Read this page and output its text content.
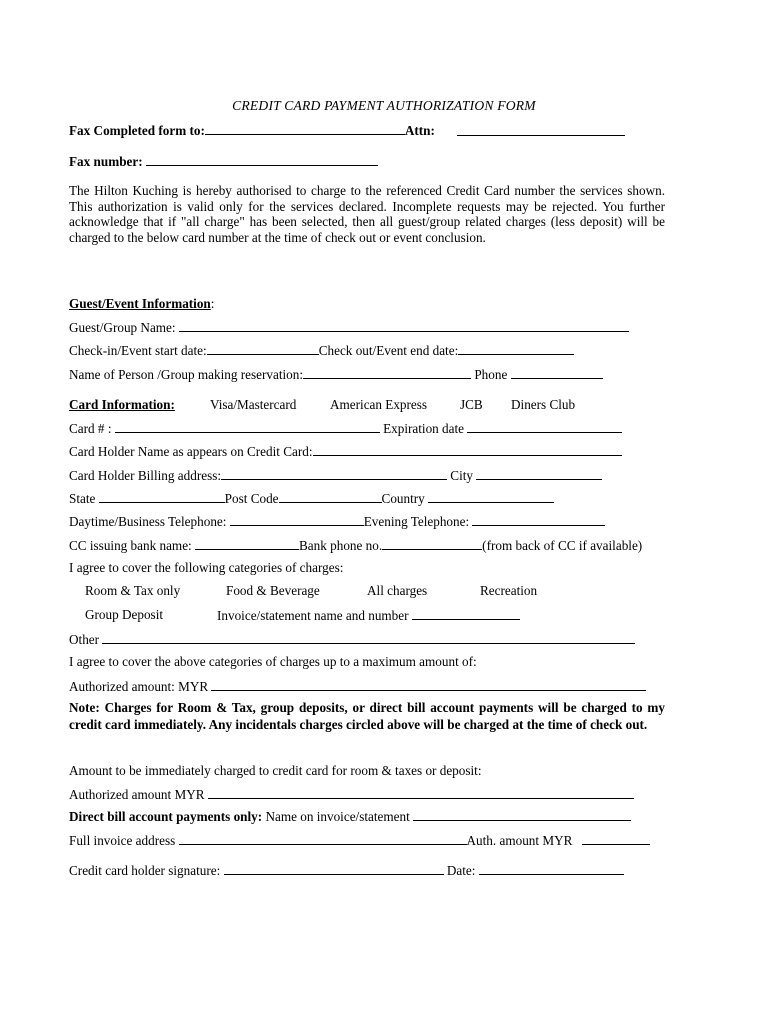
CREDIT CARD PAYMENT AUTHORIZATION FORM
Fax Completed form to:	Attn:
Fax number:
The Hilton Kuching is hereby authorised to charge to the referenced Credit Card number the services shown. This authorization is valid only for the services declared. Incomplete requests may be rejected. You further acknowledge that if "all charge" has been selected, then all guest/group related charges (less deposit) will be charged to the below card number at the time of check out or event conclusion.
Guest/Event Information:
Guest/Group Name:
Check-in/Event start date:	Check out/Event end date:
Name of Person /Group making reservation:	Phone
Card Information:	Visa/Mastercard	American Express JCB Diners Club
Card # :	Expiration date
Card Holder Name as appears on Credit Card:
Card Holder Billing address:	City
State	Post Code	Country
Daytime/Business Telephone:	Evening Telephone:
CC issuing bank name:	Bank phone no.	(from back of CC if available)
I agree to cover the following categories of charges:
Room & Tax only	Food & Beverage	All charges	Recreation
Group Deposit	Invoice/statement name and number
Other
I agree to cover the above categories of charges up to a maximum amount of:
Authorized amount: MYR
Note: Charges for Room & Tax, group deposits, or direct bill account payments will be charged to my credit card immediately. Any incidentals charges circled above will be charged at the time of check out.
Amount to be immediately charged to credit card for room & taxes or deposit:
Authorized amount MYR
Direct bill account payments only: Name on invoice/statement
Full invoice address	Auth. amount MYR
Credit card holder signature:	Date:
